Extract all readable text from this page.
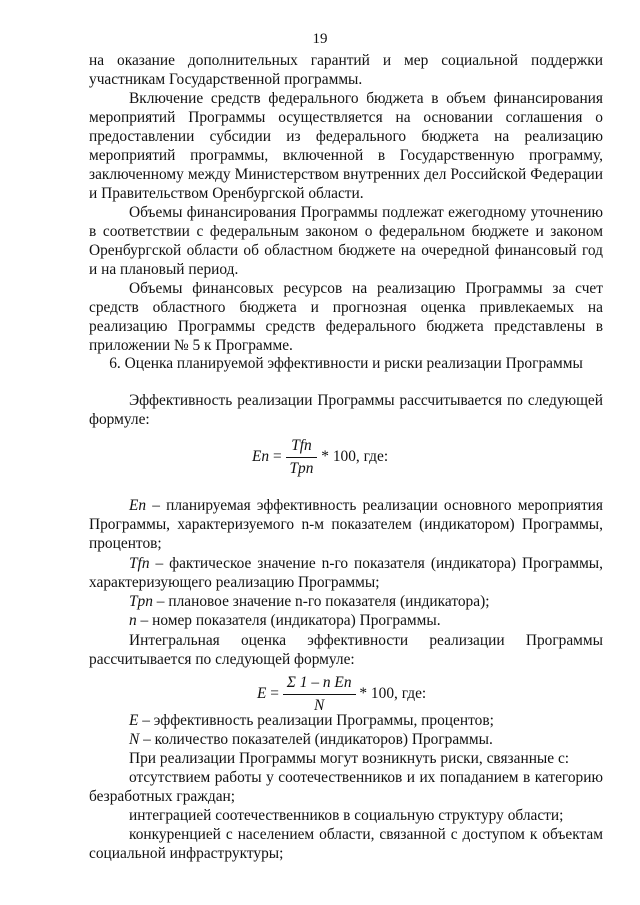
19
на оказание дополнительных гарантий и мер социальной поддержки участникам Государственной программы.
Включение средств федерального бюджета в объем финансирования мероприятий Программы осуществляется на основании соглашения о предоставлении субсидии из федерального бюджета на реализацию мероприятий программы, включенной в Государственную программу, заключенному между Министерством внутренних дел Российской Федерации и Правительством Оренбургской области.
Объемы финансирования Программы подлежат ежегодному уточнению в соответствии с федеральным законом о федеральном бюджете и законом Оренбургской области об областном бюджете на очередной финансовый год и на плановый период.
Объемы финансовых ресурсов на реализацию Программы за счет средств областного бюджета и прогнозная оценка привлекаемых на реализацию Программы средств федерального бюджета представлены в приложении № 5 к Программе.
6. Оценка планируемой эффективности и риски реализации Программы
Эффективность реализации Программы рассчитывается по следующей формуле:
$En = \frac{\text{Tfn}}{\text{Tpn}} * 100$, где:
En – планируемая эффективность реализации основного мероприятия Программы, характеризуемого n-м показателем (индикатором) Программы, процентов;
Tfn – фактическое значение n-го показателя (индикатора) Программы, характеризующего реализацию Программы;
Tpn – плановое значение n-го показателя (индикатора);
n – номер показателя (индикатора) Программы.
Интегральная оценка эффективности реализации Программы рассчитывается по следующей формуле:
$E = \frac{\text{Σ 1 – n En}}{N} * 100$, где:
E – эффективность реализации Программы, процентов;
N – количество показателей (индикаторов) Программы.
При реализации Программы могут возникнуть риски, связанные с:
отсутствием работы у соотечественников и их попаданием в категорию безработных граждан;
интеграцией соотечественников в социальную структуру области;
конкуренцией с населением области, связанной с доступом к объектам социальной инфраструктуры;
